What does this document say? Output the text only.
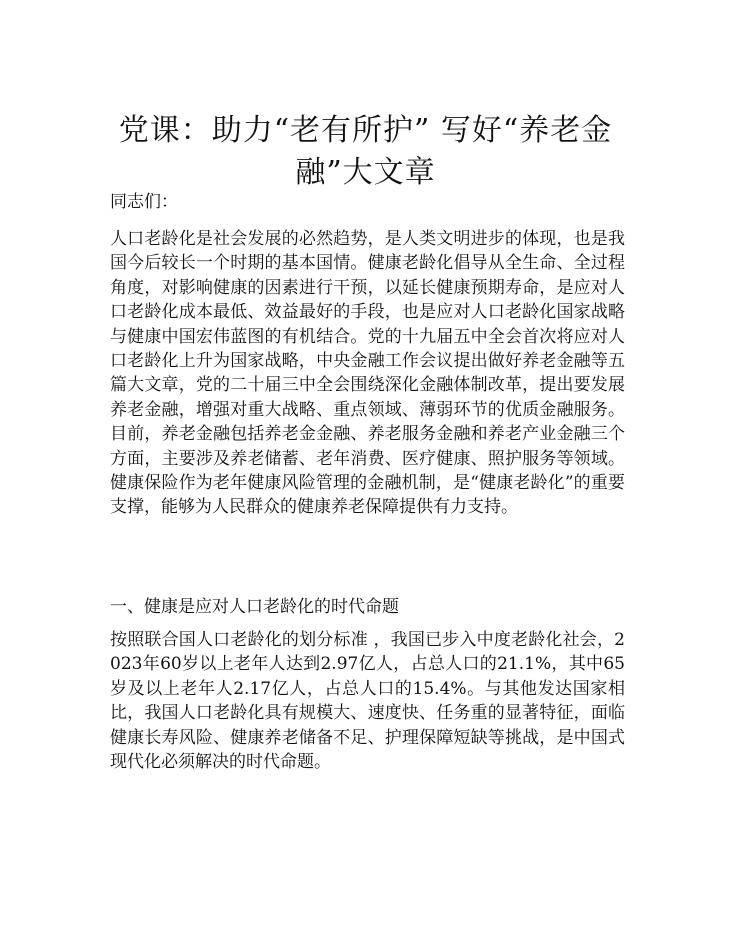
党课：助力“老有所护” 写好“养老金融”大文章

同志们：

人口老龄化是社会发展的必然趋势，是人类文明进步的体现，也是我国今后较长一个时期的基本国情。健康老龄化倡导从全生命、全过程角度，对影响健康的因素进行干预，以延长健康预期寿命，是应对人口老龄化成本最低、效益最好的手段，也是应对人口老龄化国家战略与健康中国宏伟蓝图的有机结合。党的十九届五中全会首次将应对人口老龄化上升为国家战略，中央金融工作会议提出做好养老金融等五篇大文章，党的二十届三中全会围绕深化金融体制改革，提出要发展养老金融，增强对重大战略、重点领域、薄弱环节的优质金融服务。目前，养老金融包括养老金金融、养老服务金融和养老产业金融三个方面，主要涉及养老储蓄、老年消费、医疗健康、照护服务等领域。健康保险作为老年健康风险管理的金融机制，是“健康老龄化”的重要支撑，能够为人民群众的健康养老保障提供有力支持。

一、健康是应对人口老龄化的时代命题

按照联合国人口老龄化的划分标准 ，我国已步入中度老龄化社会，2023年60岁以上老年人达到2.97亿人，占总人口的21.1%，其中65岁及以上老年人2.17亿人，占总人口的15.4%。与其他发达国家相比，我国人口老龄化具有规模大、速度快、任务重的显著特征，面临健康长寿风险、健康养老储备不足、护理保障短缺等挑战，是中国式现代化必须解决的时代命题。
